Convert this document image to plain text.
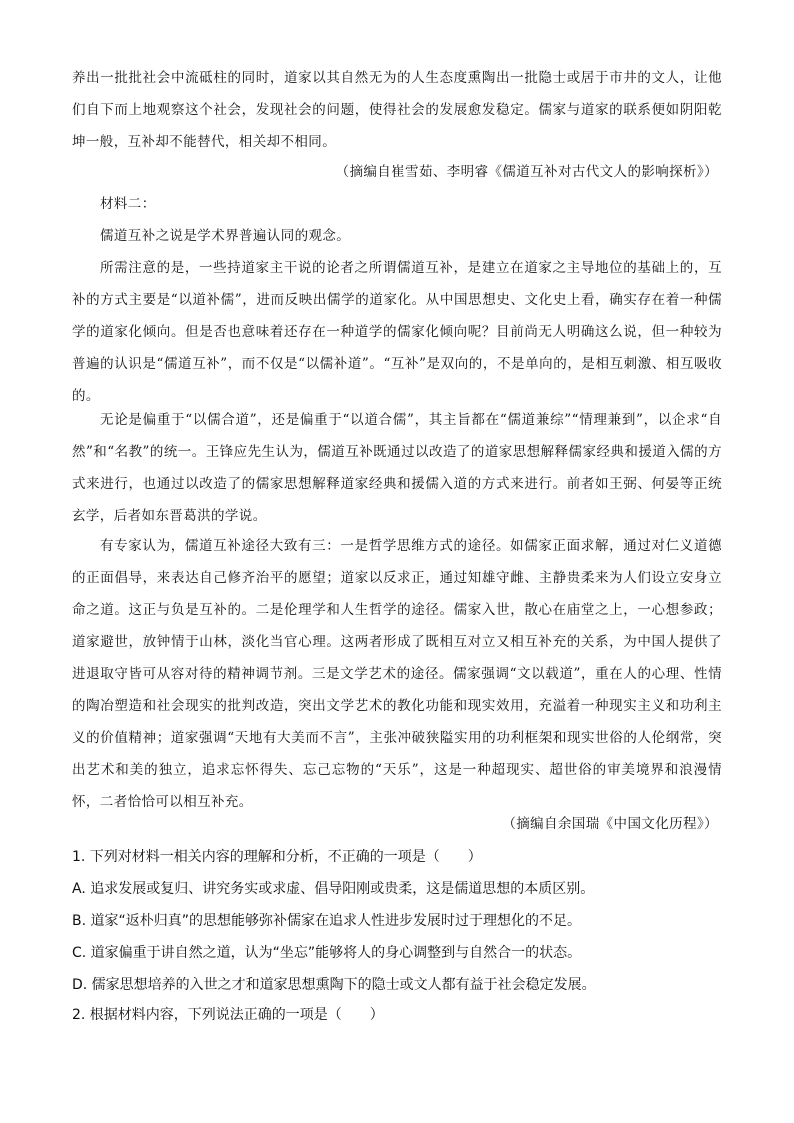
养出一批批社会中流砥柱的同时，道家以其自然无为的人生态度熏陶出一批隐士或居于市井的文人，让他们自下而上地观察这个社会，发现社会的问题，使得社会的发展愈发稳定。儒家与道家的联系便如阴阳乾坤一般，互补却不能替代，相关却不相同。

（摘编自崔雪茹、李明睿《儒道互补对古代文人的影响探析》）

材料二：

儒道互补之说是学术界普遍认同的观念。

所需注意的是，一些持道家主干说的论者之所谓儒道互补，是建立在道家之主导地位的基础上的，互补的方式主要是“以道补儒”，进而反映出儒学的道家化。从中国思想史、文化史上看，确实存在着一种儒学的道家化倾向。但是否也意味着还存在一种道学的儒家化倾向呢？目前尚无人明确这么说，但一种较为普遍的认识是“儒道互补”，而不仅是“以儒补道”。“互补”是双向的，不是单向的，是相互刺激、相互吸收的。

无论是偏重于“以儒合道”，还是偏重于“以道合儒”，其主旨都在“儒道兼综”“情理兼到”，以企求“自然”和“名教”的统一。王锋应先生认为，儒道互补既通过以改造了的道家思想解释儒家经典和援道入儒的方式来进行，也通过以改造了的儒家思想解释道家经典和援儒入道的方式来进行。前者如王弼、何晏等正统玄学，后者如东晋葛洪的学说。

有专家认为，儒道互补途径大致有三：一是哲学思维方式的途径。如儒家正面求解，通过对仁义道德的正面倡导，来表达自己修齐治平的愿望；道家以反求正，通过知雄守雌、主静贵柔来为人们设立安身立命之道。这正与负是互补的。二是伦理学和人生哲学的途径。儒家入世，散心在庙堂之上，一心想参政；道家避世，放钟情于山林，淡化当官心理。这两者形成了既相互对立又相互补充的关系，为中国人提供了进退取守皆可从容对待的精神调节剂。三是文学艺术的途径。儒家强调“文以载道”，重在人的心理、性情的陶冶塑造和社会现实的批判改造，突出文学艺术的教化功能和现实效用，充溢着一种现实主义和功利主义的价值精神；道家强调“天地有大美而不言”，主张冲破狭隘实用的功利框架和现实世俗的人伦纲常，突出艺术和美的独立，追求忘怀得失、忘己忘物的“天乐”，这是一种超现实、超世俗的审美境界和浪漫情怀，二者恰恰可以相互补充。

（摘编自余国瑞《中国文化历程》）

1. 下列对材料一相关内容的理解和分析，不正确的一项是（　　）

A. 追求发展或复归、讲究务实或求虚、倡导阳刚或贵柔，这是儒道思想的本质区别。

B. 道家“返朴归真”的思想能够弥补儒家在追求人性进步发展时过于理想化的不足。

C. 道家偏重于讲自然之道，认为“坐忘”能够将人的身心调整到与自然合一的状态。

D. 儒家思想培养的入世之才和道家思想熏陶下的隐士或文人都有益于社会稳定发展。

2. 根据材料内容，下列说法正确的一项是（　　）
